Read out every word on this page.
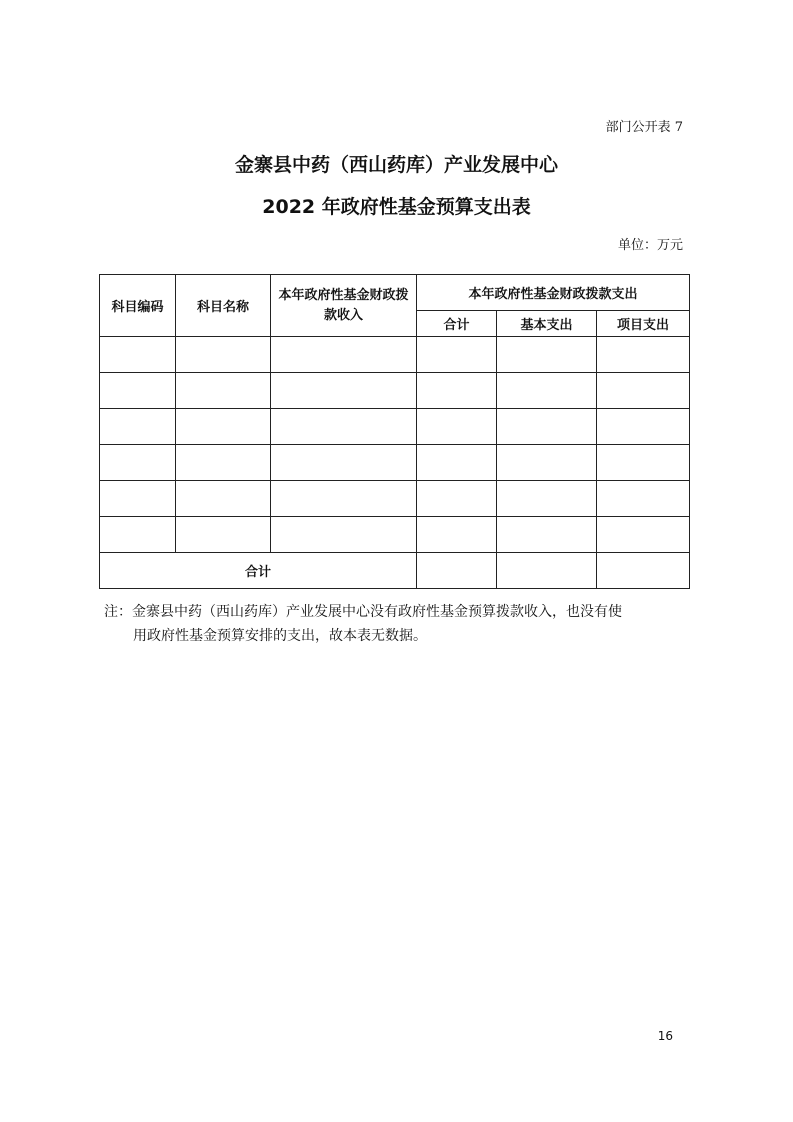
部门公开表 7
金寨县中药（西山药库）产业发展中心
2022 年政府性基金预算支出表
单位：万元
科目编码	科目名称	本年政府性基金财政拨款收入	本年政府性基金财政拨款支出		
			合计	基本支出	项目支出

合计					
注：金寨县中药（西山药库）产业发展中心没有政府性基金预算拨款收入，也没有使
用政府性基金预算安排的支出，故本表无数据。
16
